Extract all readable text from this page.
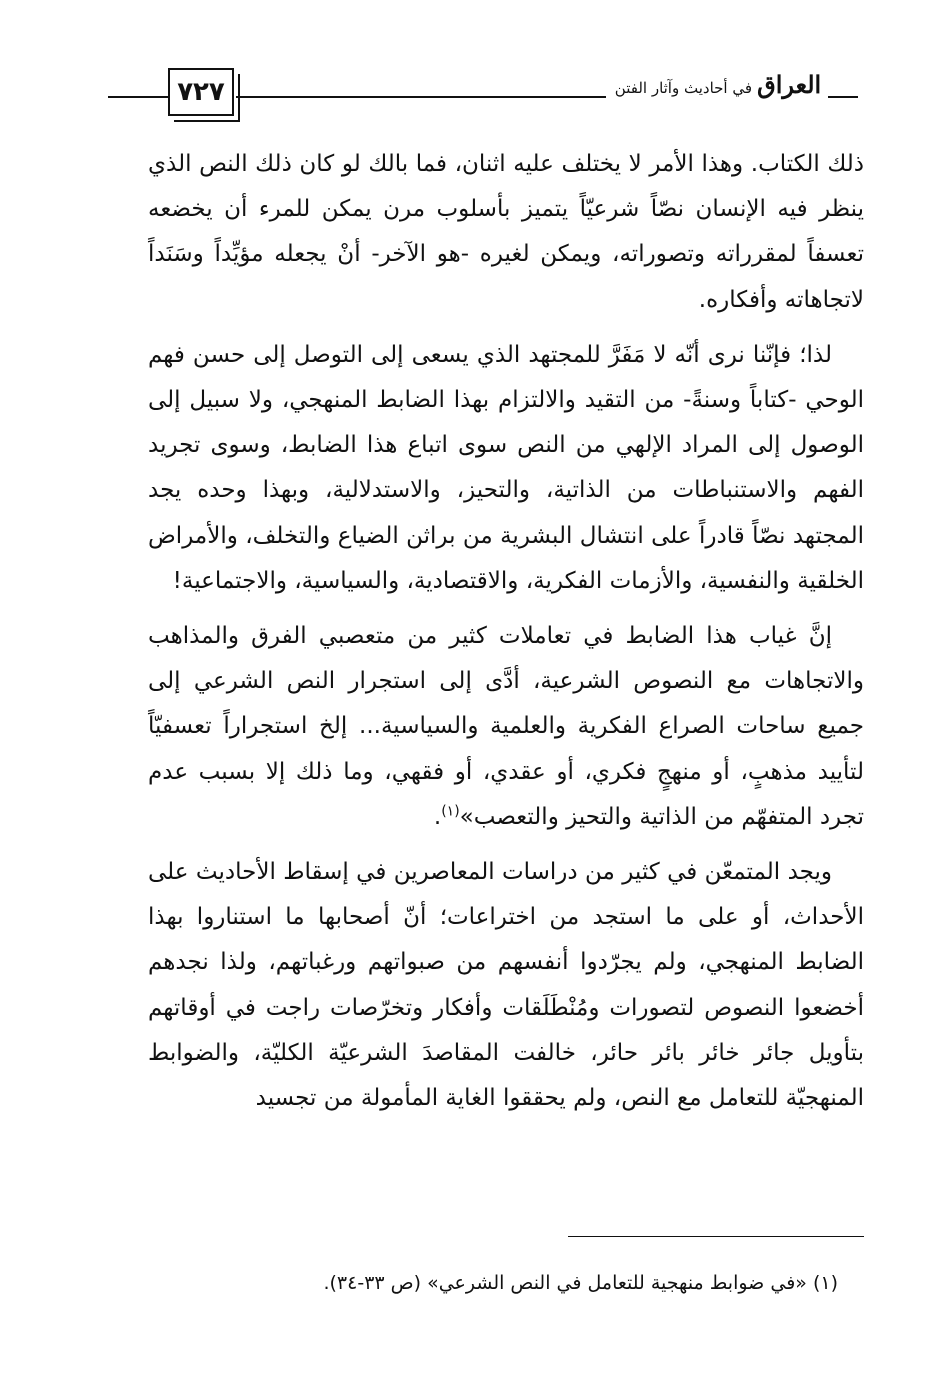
٧٢٧	العراق في أحاديث وآثار الفتن

ذلك الكتاب. وهذا الأمر لا يختلف عليه اثنان، فما بالك لو كان ذلك النص الذي ينظر فيه الإنسان نصّاً شرعيّاً يتميز بأسلوب مرن يمكن للمرء أن يخضعه تعسفاً لمقرراته وتصوراته، ويمكن لغيره -هو الآخر- أنْ يجعله مؤيِّداً وسَنَداً لاتجاهاته وأفكاره.

لذا؛ فإنّنا نرى أنّه لا مَفَرَّ للمجتهد الذي يسعى إلى التوصل إلى حسن فهم الوحي -كتاباً وسنةً- من التقيد والالتزام بهذا الضابط المنهجي، ولا سبيل إلى الوصول إلى المراد الإلهي من النص سوى اتباع هذا الضابط، وسوى تجريد الفهم والاستنباطات من الذاتية، والتحيز، والاستدلالية، وبهذا وحده يجد المجتهد نصّاً قادراً على انتشال البشرية من براثن الضياع والتخلف، والأمراض الخلقية والنفسية، والأزمات الفكرية، والاقتصادية، والسياسية، والاجتماعية!

إنَّ غياب هذا الضابط في تعاملات كثير من متعصبي الفرق والمذاهب والاتجاهات مع النصوص الشرعية، أدَّى إلى استجرار النص الشرعي إلى جميع ساحات الصراع الفكرية والعلمية والسياسية... إلخ استجراراً تعسفيّاً لتأييد مذهبٍ، أو منهجٍ فكري، أو عقدي، أو فقهي، وما ذلك إلا بسبب عدم تجرد المتفهّم من الذاتية والتحيز والتعصب»$^{(١)}$.

ويجد المتمعّن في كثير من دراسات المعاصرين في إسقاط الأحاديث على الأحداث، أو على ما استجد من اختراعات؛ أنّ أصحابها ما استناروا بهذا الضابط المنهجي، ولم يجرّدوا أنفسهم من صبواتهم ورغباتهم، ولذا نجدهم أخضعوا النصوص لتصورات ومُنْطَلَقات وأفكار وتخرّصات راجت في أوقاتهم بتأويل جائر خائر بائر حائر، خالفت المقاصدَ الشرعيّة الكليّة، والضوابط المنهجيّة للتعامل مع النص، ولم يحققوا الغاية المأمولة من تجسيد

(١) «في ضوابط منهجية للتعامل في النص الشرعي» (ص ٣٣-٣٤).
